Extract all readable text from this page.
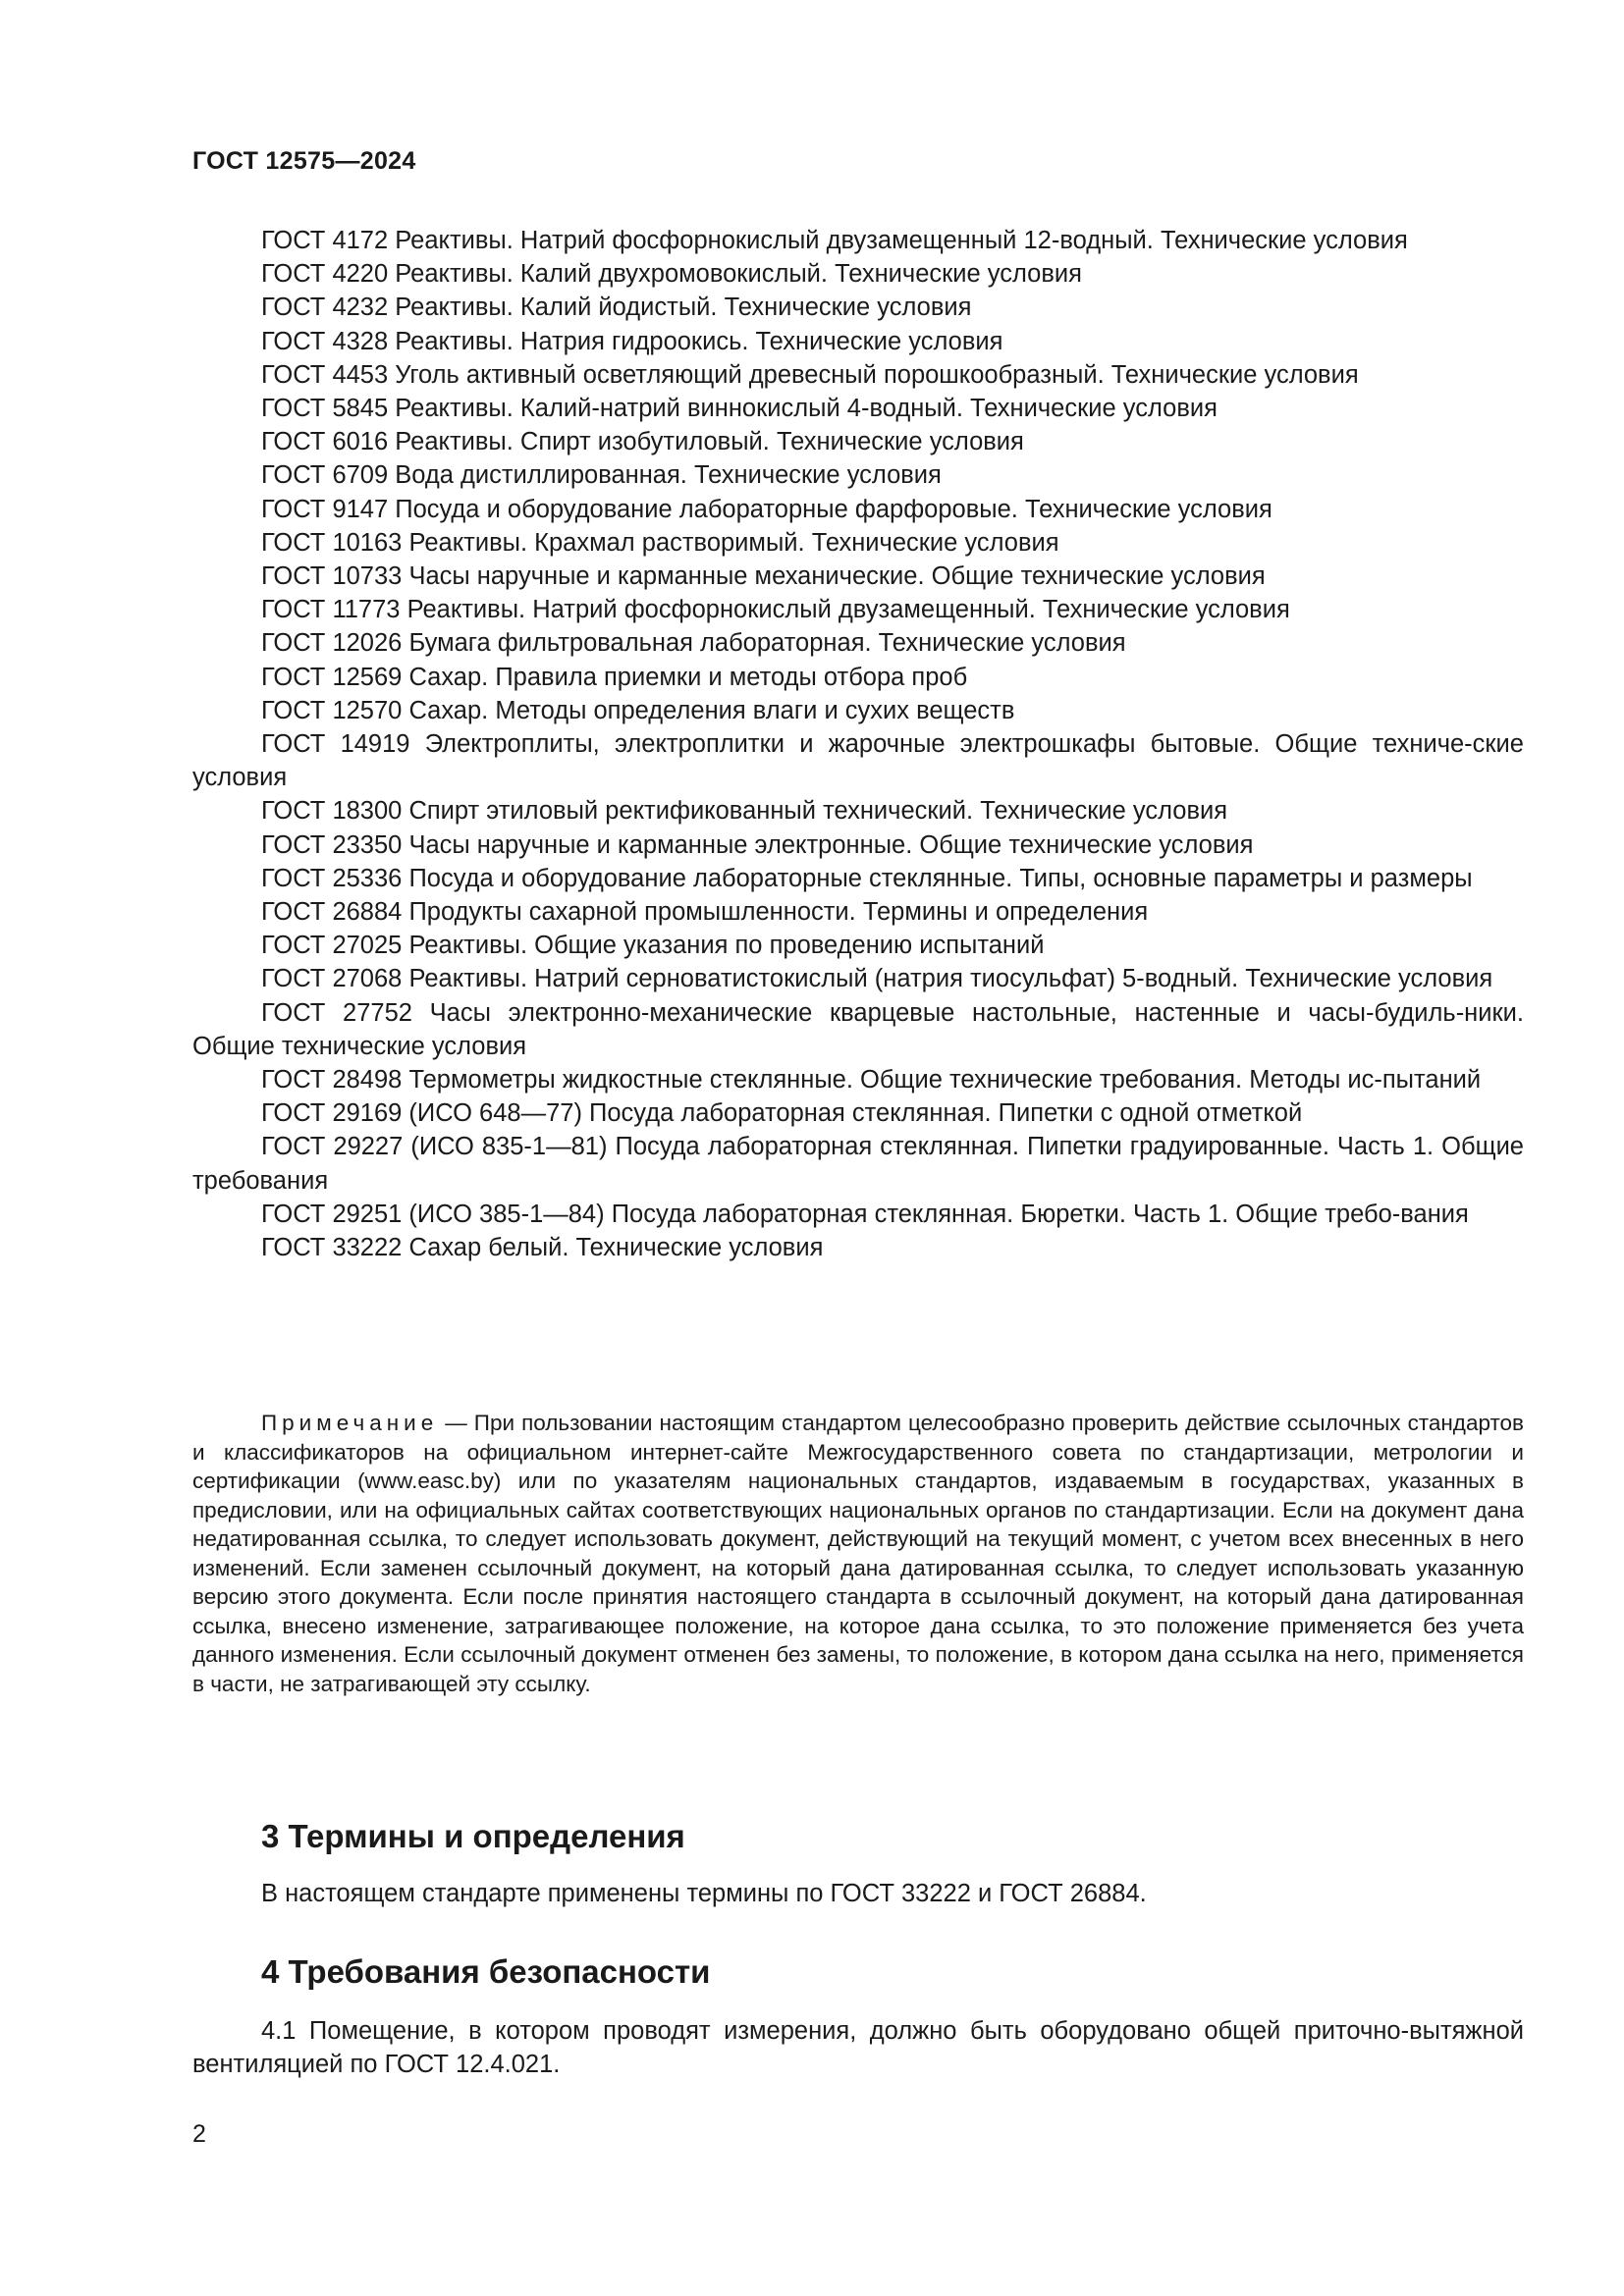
ГОСТ 12575—2024
ГОСТ 4172 Реактивы. Натрий фосфорнокислый двузамещенный 12-водный. Технические условия
ГОСТ 4220 Реактивы. Калий двухромовокислый. Технические условия
ГОСТ 4232 Реактивы. Калий йодистый. Технические условия
ГОСТ 4328 Реактивы. Натрия гидроокись. Технические условия
ГОСТ 4453 Уголь активный осветляющий древесный порошкообразный. Технические условия
ГОСТ 5845 Реактивы. Калий-натрий виннокислый 4-водный. Технические условия
ГОСТ 6016 Реактивы. Спирт изобутиловый. Технические условия
ГОСТ 6709 Вода дистиллированная. Технические условия
ГОСТ 9147 Посуда и оборудование лабораторные фарфоровые. Технические условия
ГОСТ 10163 Реактивы. Крахмал растворимый. Технические условия
ГОСТ 10733 Часы наручные и карманные механические. Общие технические условия
ГОСТ 11773 Реактивы. Натрий фосфорнокислый двузамещенный. Технические условия
ГОСТ 12026 Бумага фильтровальная лабораторная. Технические условия
ГОСТ 12569 Сахар. Правила приемки и методы отбора проб
ГОСТ 12570 Сахар. Методы определения влаги и сухих веществ
ГОСТ 14919 Электроплиты, электроплитки и жарочные электрошкафы бытовые. Общие техниче-ские условия
ГОСТ 18300 Спирт этиловый ректификованный технический. Технические условия
ГОСТ 23350 Часы наручные и карманные электронные. Общие технические условия
ГОСТ 25336 Посуда и оборудование лабораторные стеклянные. Типы, основные параметры и размеры
ГОСТ 26884 Продукты сахарной промышленности. Термины и определения
ГОСТ 27025 Реактивы. Общие указания по проведению испытаний
ГОСТ 27068 Реактивы. Натрий серноватистокислый (натрия тиосульфат) 5-водный. Технические условия
ГОСТ 27752 Часы электронно-механические кварцевые настольные, настенные и часы-будиль-ники. Общие технические условия
ГОСТ 28498 Термометры жидкостные стеклянные. Общие технические требования. Методы ис-пытаний
ГОСТ 29169 (ИСО 648—77) Посуда лабораторная стеклянная. Пипетки с одной отметкой
ГОСТ 29227 (ИСО 835-1—81) Посуда лабораторная стеклянная. Пипетки градуированные. Часть 1. Общие требования
ГОСТ 29251 (ИСО 385-1—84) Посуда лабораторная стеклянная. Бюретки. Часть 1. Общие требо-вания
ГОСТ 33222 Сахар белый. Технические условия
Примечание — При пользовании настоящим стандартом целесообразно проверить действие ссылочных стандартов и классификаторов на официальном интернет-сайте Межгосударственного совета по стандартизации, метрологии и сертификации (www.easc.by) или по указателям национальных стандартов, издаваемым в государствах, указанных в предисловии, или на официальных сайтах соответствующих национальных органов по стандартизации. Если на документ дана недатированная ссылка, то следует использовать документ, действующий на текущий момент, с учетом всех внесенных в него изменений. Если заменен ссылочный документ, на который дана датированная ссылка, то следует использовать указанную версию этого документа. Если после принятия настоящего стандарта в ссылочный документ, на который дана датированная ссылка, внесено изменение, затрагивающее положение, на которое дана ссылка, то это положение применяется без учета данного изменения. Если ссылочный документ отменен без замены, то положение, в котором дана ссылка на него, применяется в части, не затрагивающей эту ссылку.
3 Термины и определения
В настоящем стандарте применены термины по ГОСТ 33222 и ГОСТ 26884.
4 Требования безопасности
4.1 Помещение, в котором проводят измерения, должно быть оборудовано общей приточно-вытяжной вентиляцией по ГОСТ 12.4.021.
2
